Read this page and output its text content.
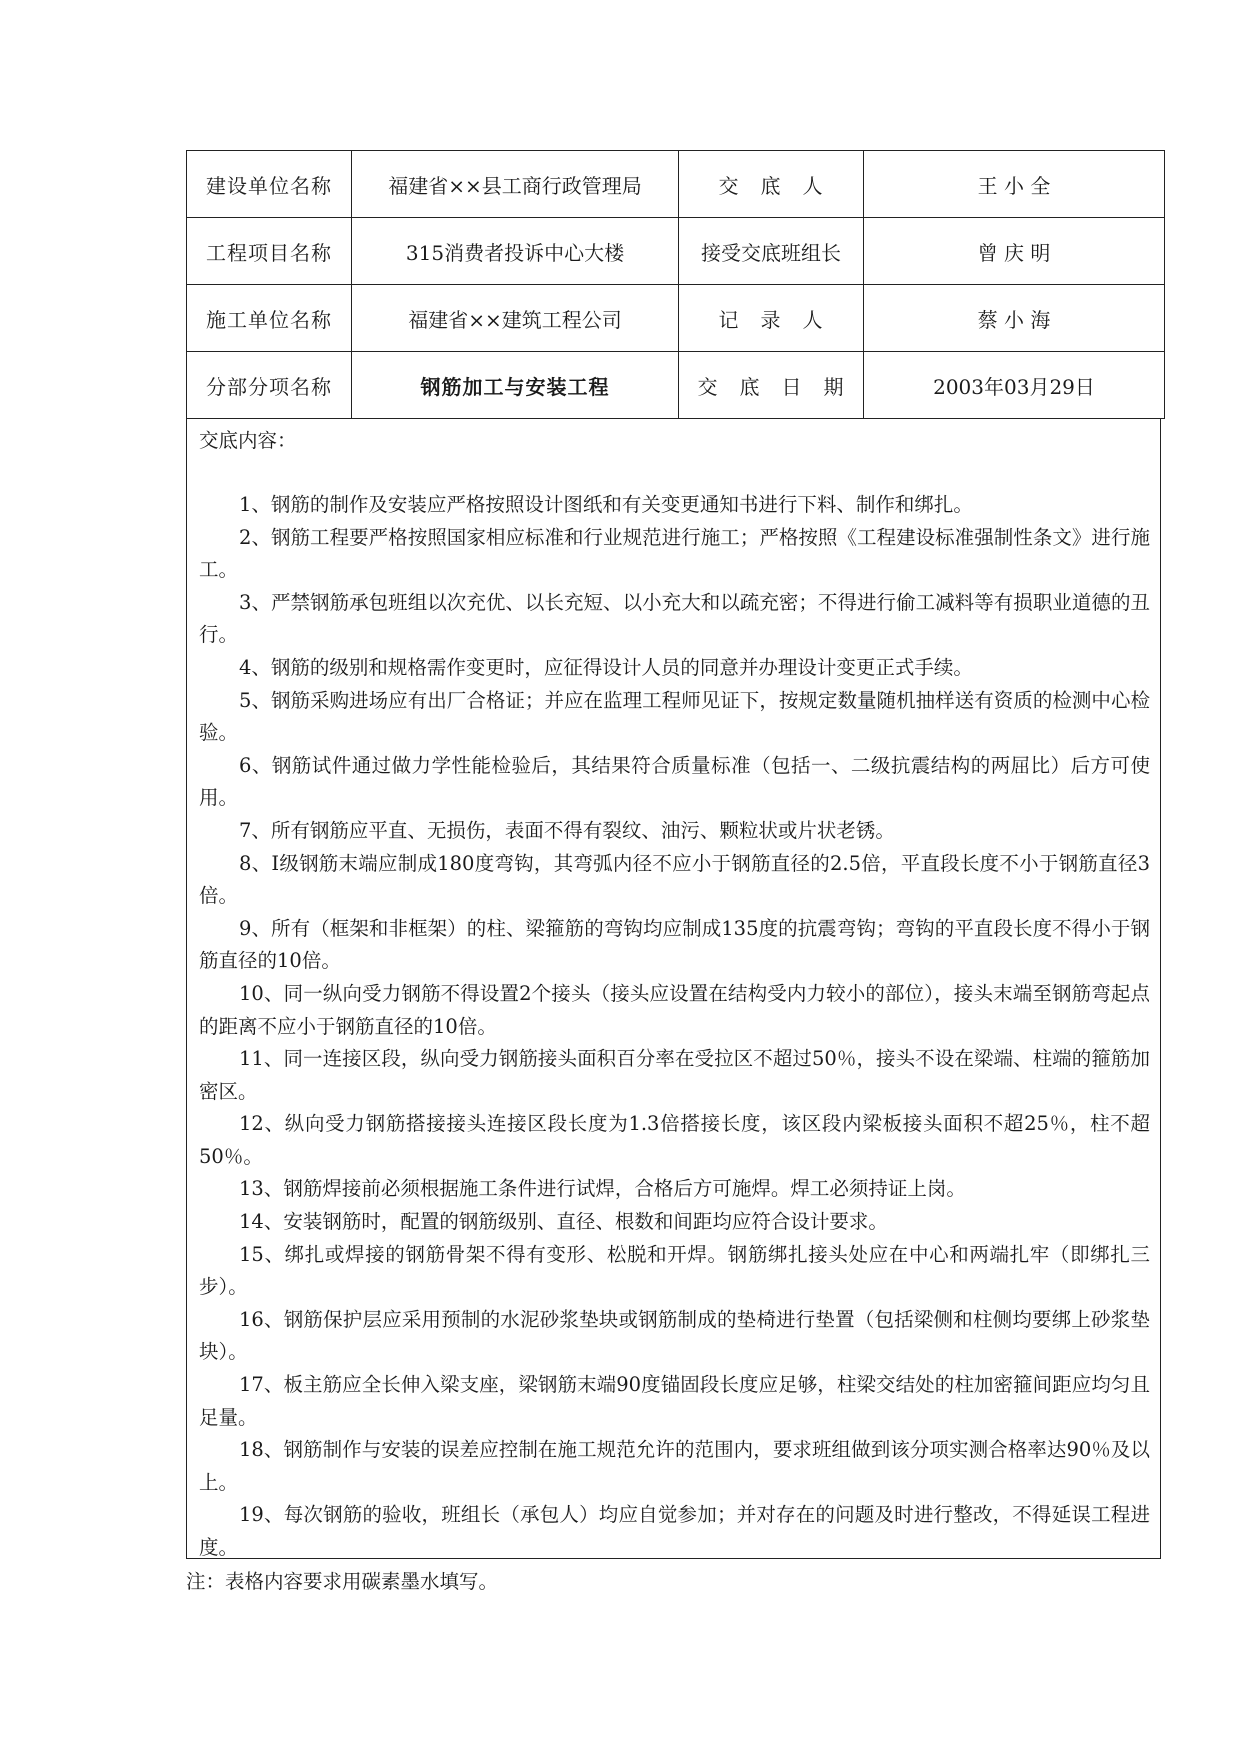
建设单位名称	福建省××县工商行政管理局	交　底　人	王 小 全
工程项目名称	315消费者投诉中心大楼	接受交底班组长	曾 庆 明
施工单位名称	福建省××建筑工程公司	记　录　人	蔡 小 海
分部分项名称	钢筋加工与安装工程	交　底　日　期	2003年03月29日

交底内容：

1、钢筋的制作及安装应严格按照设计图纸和有关变更通知书进行下料、制作和绑扎。

2、钢筋工程要严格按照国家相应标准和行业规范进行施工；严格按照《工程建设标准强制性条文》进行施工。

3、严禁钢筋承包班组以次充优、以长充短、以小充大和以疏充密；不得进行偷工减料等有损职业道德的丑行。

4、钢筋的级别和规格需作变更时，应征得设计人员的同意并办理设计变更正式手续。

5、钢筋采购进场应有出厂合格证；并应在监理工程师见证下，按规定数量随机抽样送有资质的检测中心检验。

6、钢筋试件通过做力学性能检验后，其结果符合质量标准（包括一、二级抗震结构的两屈比）后方可使用。

7、所有钢筋应平直、无损伤，表面不得有裂纹、油污、颗粒状或片状老锈。

8、Ⅰ级钢筋末端应制成180度弯钩，其弯弧内径不应小于钢筋直径的2.5倍，平直段长度不小于钢筋直径3倍。

9、所有（框架和非框架）的柱、梁箍筋的弯钩均应制成135度的抗震弯钩；弯钩的平直段长度不得小于钢筋直径的10倍。

10、同一纵向受力钢筋不得设置2个接头（接头应设置在结构受内力较小的部位），接头末端至钢筋弯起点的距离不应小于钢筋直径的10倍。

11、同一连接区段，纵向受力钢筋接头面积百分率在受拉区不超过50％，接头不设在梁端、柱端的箍筋加密区。

12、纵向受力钢筋搭接接头连接区段长度为1.3倍搭接长度，该区段内梁板接头面积不超25％，柱不超50％。

13、钢筋焊接前必须根据施工条件进行试焊，合格后方可施焊。焊工必须持证上岗。

14、安装钢筋时，配置的钢筋级别、直径、根数和间距均应符合设计要求。

15、绑扎或焊接的钢筋骨架不得有变形、松脱和开焊。钢筋绑扎接头处应在中心和两端扎牢（即绑扎三步）。

16、钢筋保护层应采用预制的水泥砂浆垫块或钢筋制成的垫椅进行垫置（包括梁侧和柱侧均要绑上砂浆垫块）。

17、板主筋应全长伸入梁支座，梁钢筋末端90度锚固段长度应足够，柱梁交结处的柱加密箍间距应均匀且足量。

18、钢筋制作与安装的误差应控制在施工规范允许的范围内，要求班组做到该分项实测合格率达90％及以上。

19、每次钢筋的验收，班组长（承包人）均应自觉参加；并对存在的问题及时进行整改，不得延误工程进度。

注：表格内容要求用碳素墨水填写。
